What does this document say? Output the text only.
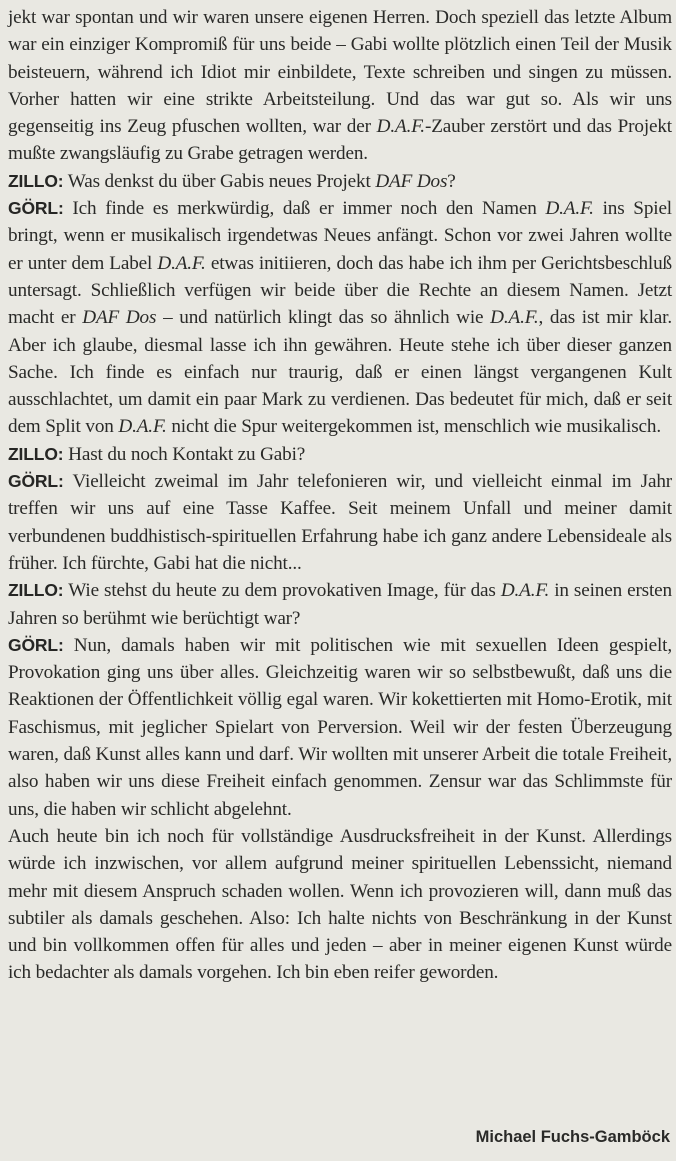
jekt war spontan und wir waren unsere eigenen Herren. Doch speziell das letzte Album war ein einziger Kompromiß für uns beide – Gabi wollte plötzlich einen Teil der Musik beisteuern, während ich Idiot mir einbildete, Texte schreiben und singen zu müssen. Vorher hatten wir eine strikte Arbeitsteilung. Und das war gut so. Als wir uns gegenseitig ins Zeug pfuschen wollten, war der D.A.F.-Zauber zerstört und das Projekt mußte zwangsläufig zu Grabe getragen werden.

ZILLO: Was denkst du über Gabis neues Projekt DAF Dos?

GÖRL: Ich finde es merkwürdig, daß er immer noch den Namen D.A.F. ins Spiel bringt, wenn er musikalisch irgendetwas Neues anfängt. Schon vor zwei Jahren wollte er unter dem Label D.A.F. etwas initiieren, doch das habe ich ihm per Gerichtsbeschluß untersagt. Schließlich verfügen wir beide über die Rechte an diesem Namen. Jetzt macht er DAF Dos – und natürlich klingt das so ähnlich wie D.A.F., das ist mir klar. Aber ich glaube, diesmal lasse ich ihn gewähren. Heute stehe ich über dieser ganzen Sache. Ich finde es einfach nur traurig, daß er einen längst vergangenen Kult ausschlachtet, um damit ein paar Mark zu verdienen. Das bedeutet für mich, daß er seit dem Split von D.A.F. nicht die Spur weitergekommen ist, menschlich wie musikalisch.

ZILLO: Hast du noch Kontakt zu Gabi?

GÖRL: Vielleicht zweimal im Jahr telefonieren wir, und vielleicht einmal im Jahr treffen wir uns auf eine Tasse Kaffee. Seit meinem Unfall und meiner damit verbundenen buddhistisch-spirituellen Erfahrung habe ich ganz andere Lebensideale als früher. Ich fürchte, Gabi hat die nicht...

ZILLO: Wie stehst du heute zu dem provokativen Image, für das D.A.F. in seinen ersten Jahren so berühmt wie berüchtigt war?

GÖRL: Nun, damals haben wir mit politischen wie mit sexuellen Ideen gespielt, Provokation ging uns über alles. Gleichzeitig waren wir so selbstbewußt, daß uns die Reaktionen der Öffentlichkeit völlig egal waren. Wir kokettierten mit Homo-Erotik, mit Faschismus, mit jeglicher Spielart von Perversion. Weil wir der festen Überzeugung waren, daß Kunst alles kann und darf. Wir wollten mit unserer Arbeit die totale Freiheit, also haben wir uns diese Freiheit einfach genommen. Zensur war das Schlimmste für uns, die haben wir schlicht abgelehnt.

Auch heute bin ich noch für vollständige Ausdrucksfreiheit in der Kunst. Allerdings würde ich inzwischen, vor allem aufgrund meiner spirituellen Lebenssicht, niemand mehr mit diesem Anspruch schaden wollen. Wenn ich provozieren will, dann muß das subtiler als damals geschehen. Also: Ich halte nichts von Beschränkung in der Kunst und bin vollkommen offen für alles und jeden – aber in meiner eigenen Kunst würde ich bedachter als damals vorgehen. Ich bin eben reifer geworden.

Michael Fuchs-Gamböck
